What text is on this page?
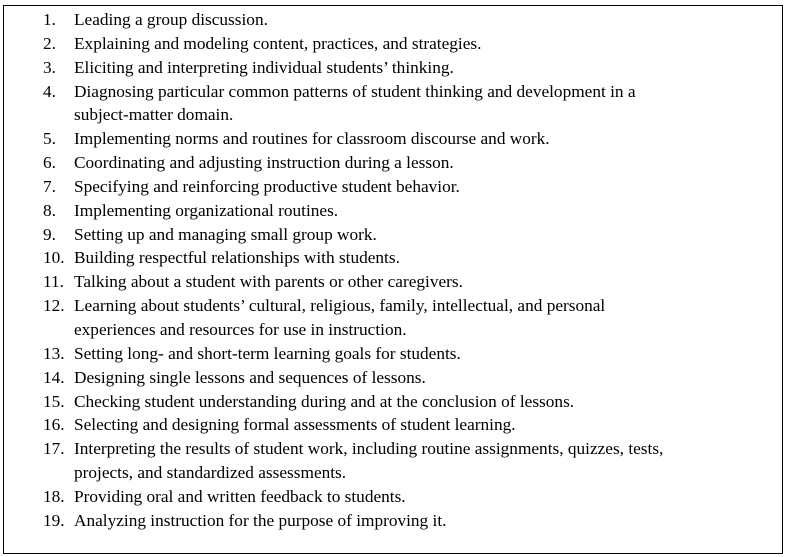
1.	Leading a group discussion.
2.	Explaining and modeling content, practices, and strategies.
3.	Eliciting and interpreting individual students’ thinking.
4.	Diagnosing particular common patterns of student thinking and development in a
subject-matter domain.
5.	Implementing norms and routines for classroom discourse and work.
6.	Coordinating and adjusting instruction during a lesson.
7.	Specifying and reinforcing productive student behavior.
8.	Implementing organizational routines.
9.	Setting up and managing small group work.
10. Building respectful relationships with students.
11. Talking about a student with parents or other caregivers.
12. Learning about students’ cultural, religious, family, intellectual, and personal
experiences and resources for use in instruction.
13. Setting long- and short-term learning goals for students.
14. Designing single lessons and sequences of lessons.
15. Checking student understanding during and at the conclusion of lessons.
16. Selecting and designing formal assessments of student learning.
17. Interpreting the results of student work, including routine assignments, quizzes, tests,
projects, and standardized assessments.
18. Providing oral and written feedback to students.
19. Analyzing instruction for the purpose of improving it.
